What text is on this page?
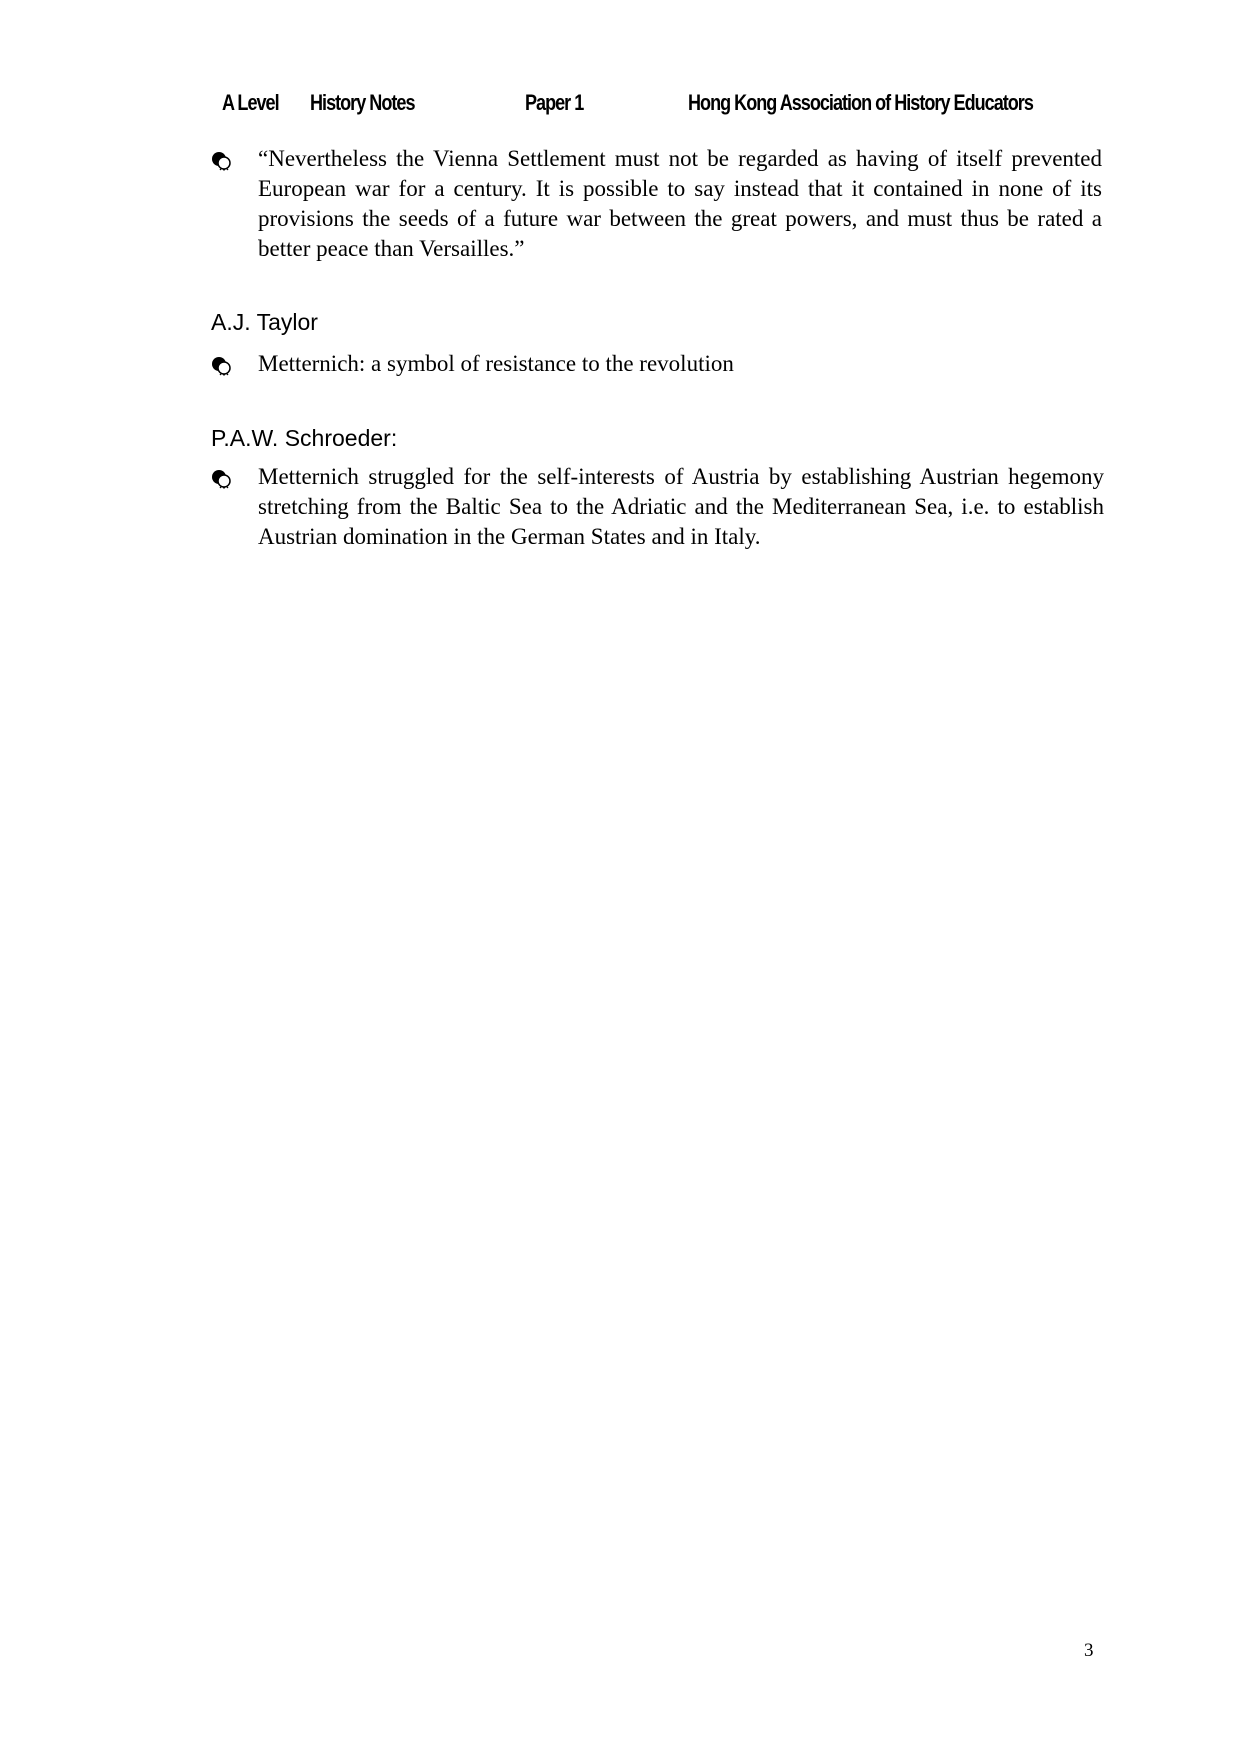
A Level History Notes	Paper 1	Hong Kong Association of History Educators
“Nevertheless the Vienna Settlement must not be regarded as having of itself prevented European war for a century. It is possible to say instead that it contained in none of its provisions the seeds of a future war between the great powers, and must thus be rated a better peace than Versailles.”
A.J. Taylor
Metternich: a symbol of resistance to the revolution
P.A.W. Schroeder:
Metternich struggled for the self-interests of Austria by establishing Austrian hegemony stretching from the Baltic Sea to the Adriatic and the Mediterranean Sea, i.e. to establish Austrian domination in the German States and in Italy.
3
